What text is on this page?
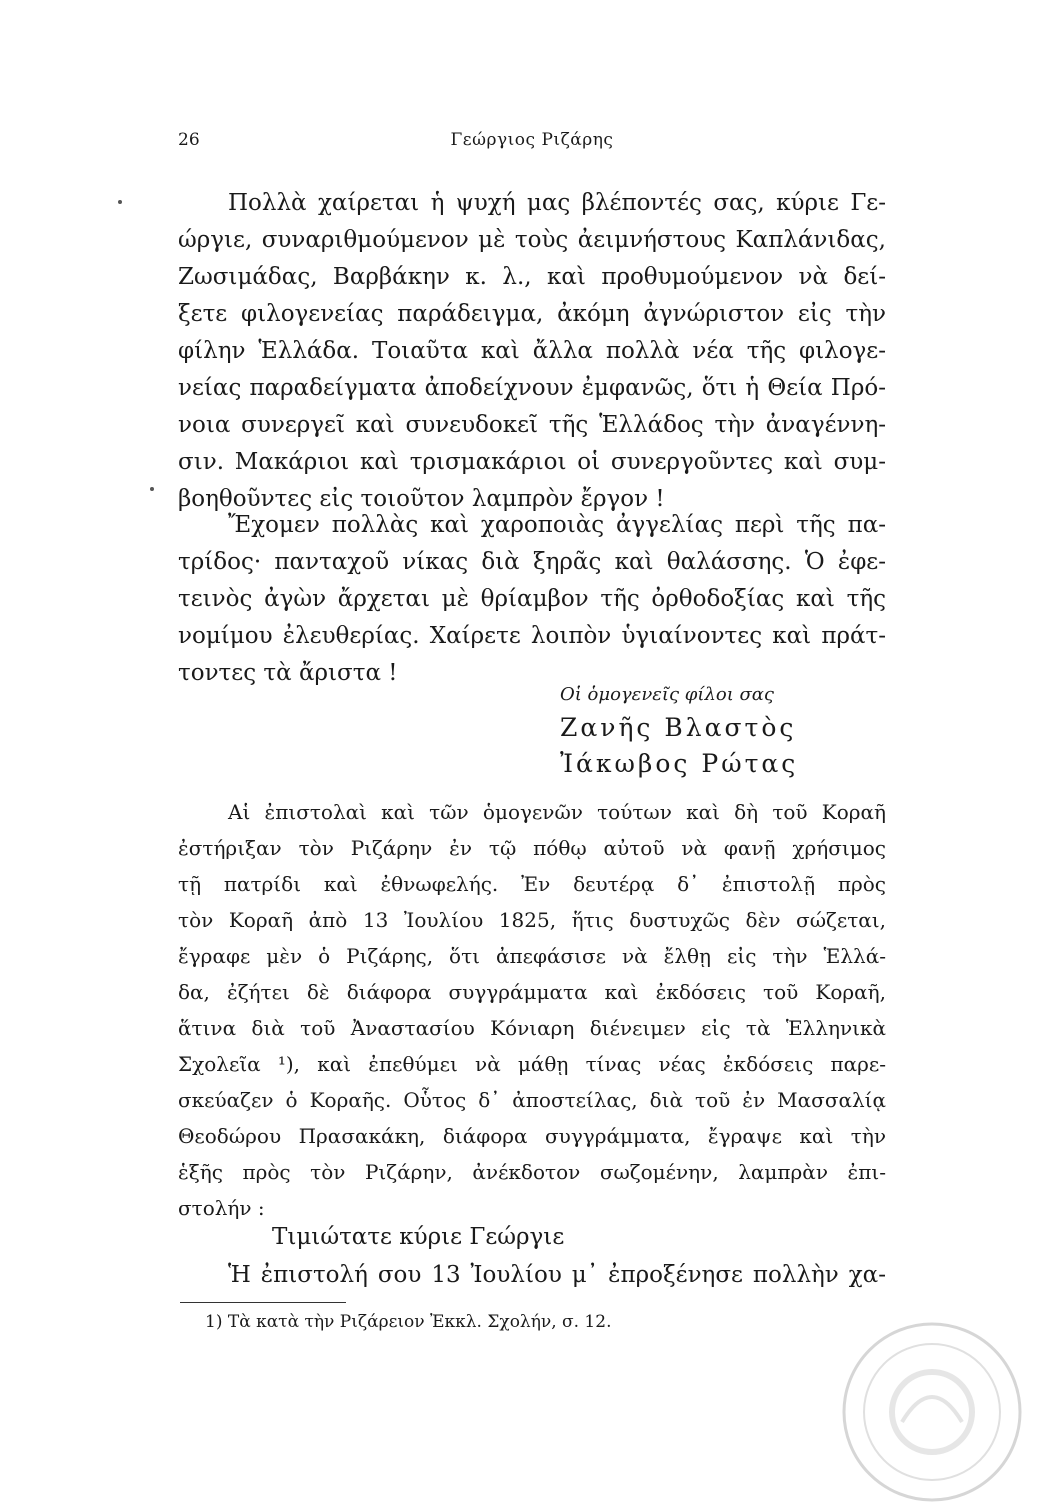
26	Γεώργιος Ριζάρης
Πολλὰ χαίρεται ἡ ψυχή μας βλέποντές σας, κύριε Γε-
ώργιε, συναριθμούμενον μὲ τοὺς ἀειμνήστους Καπλάνιδας,
Ζωσιμάδας, Βαρβάκην κ. λ., καὶ προθυμούμενον νὰ δεί-
ξετε φιλογενείας παράδειγμα, ἀκόμη ἀγνώριστον εἰς τὴν
φίλην Ἑλλάδα. Τοιαῦτα καὶ ἄλλα πολλὰ νέα τῆς φιλογε-
νείας παραδείγματα ἀποδείχνουν ἐμφανῶς, ὅτι ἡ Θεία Πρό-
νοια συνεργεῖ καὶ συνευδοκεῖ τῆς Ἑλλάδος τὴν ἀναγέννη-
σιν. Μακάριοι καὶ τρισμακάριοι οἱ συνεργοῦντες καὶ συμ-
βοηθοῦντες εἰς τοιοῦτον λαμπρὸν ἔργον !
Ἔχομεν πολλὰς καὶ χαροποιὰς ἀγγελίας περὶ τῆς πα-
τρίδος· πανταχοῦ νίκας διὰ ξηρᾶς καὶ θαλάσσης. Ὁ ἐφε-
τεινὸς ἀγὼν ἄρχεται μὲ θρίαμβον τῆς ὀρθοδοξίας καὶ τῆς
νομίμου ἐλευθερίας. Χαίρετε λοιπὸν ὑγιαίνοντες καὶ πράτ-
τοντες τὰ ἄριστα !
Οἱ ὁμογενεῖς φίλοι σας
Ζανῆς Βλαστὸς
Ἰάκωβος Ρώτας
Αἱ ἐπιστολαὶ καὶ τῶν ὁμογενῶν τούτων καὶ δὴ τοῦ Κοραῆ
ἐστήριξαν τὸν Ριζάρην ἐν τῷ πόθῳ αὐτοῦ νὰ φανῇ χρήσιμος
τῇ πατρίδι καὶ ἐθνωφελής. Ἐν δευτέρᾳ δ᾽ ἐπιστολῇ πρὸς
τὸν Κοραῆ ἀπὸ 13 Ἰουλίου 1825, ἥτις δυστυχῶς δὲν σώζεται,
ἔγραφε μὲν ὁ Ριζάρης, ὅτι ἀπεφάσισε νὰ ἔλθῃ εἰς τὴν Ἑλλά-
δα, ἐζήτει δὲ διάφορα συγγράμματα καὶ ἐκδόσεις τοῦ Κοραῆ,
ἅτινα διὰ τοῦ Ἀναστασίου Κόνιαρη διένειμεν εἰς τὰ Ἑλληνικὰ
Σχολεῖα ¹), καὶ ἐπεθύμει νὰ μάθῃ τίνας νέας ἐκδόσεις παρε-
σκεύαζεν ὁ Κοραῆς. Οὗτος δ᾽ ἀποστείλας, διὰ τοῦ ἐν Μασσαλίᾳ
Θεοδώρου Πρασακάκη, διάφορα συγγράμματα, ἔγραψε καὶ τὴν
ἑξῆς πρὸς τὸν Ριζάρην, ἀνέκδοτον σωζομένην, λαμπρὰν ἐπι-
στολήν :
Τιμιώτατε κύριε Γεώργιε
Ἡ ἐπιστολή σου 13 Ἰουλίου μ᾽ ἐπροξένησε πολλὴν χα-
1) Τὰ κατὰ τὴν Ριζάρειον Ἐκκλ. Σχολήν, σ. 12.
